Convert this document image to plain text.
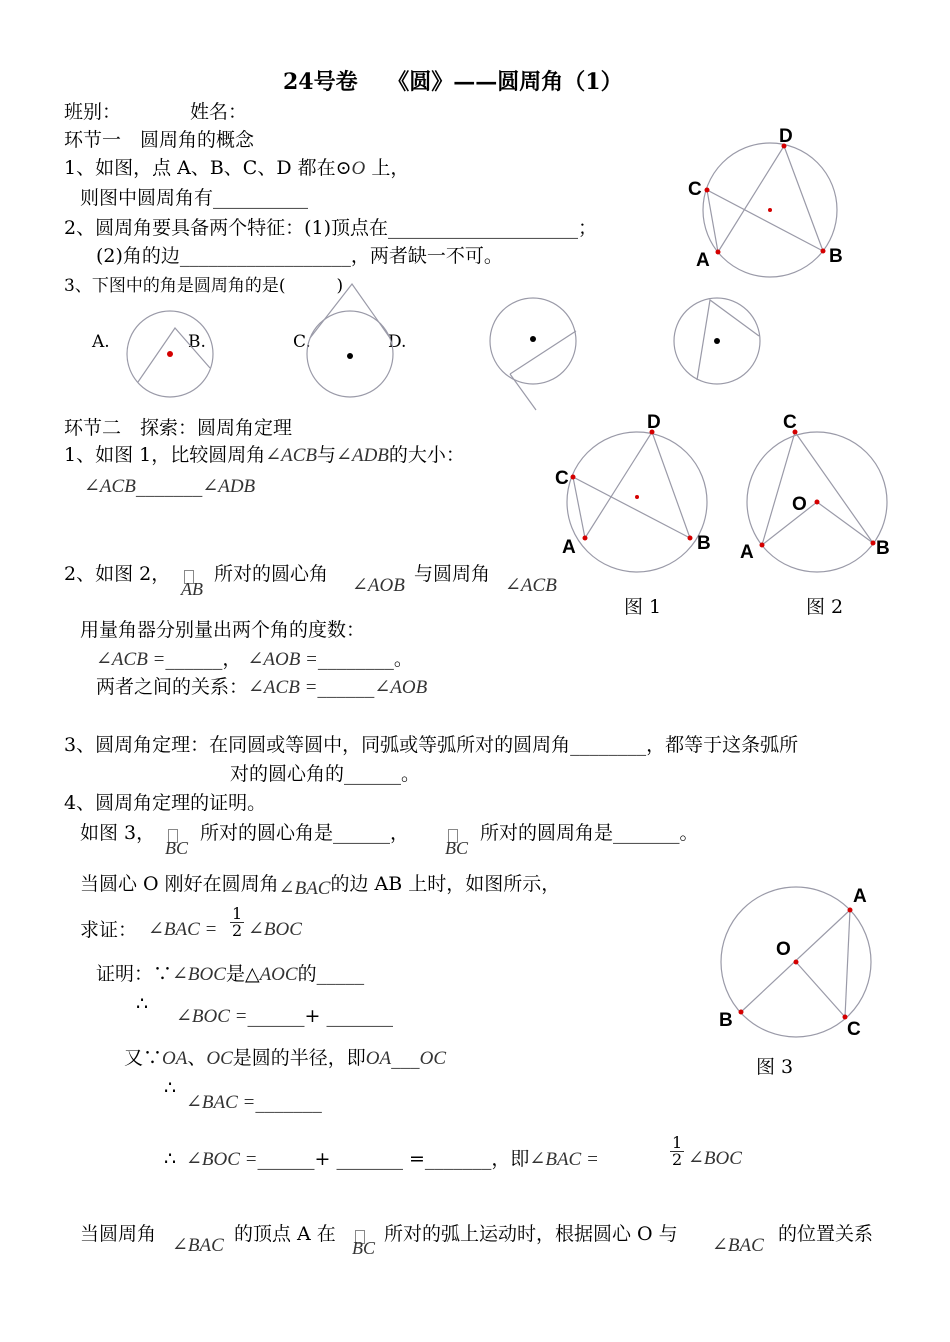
24号卷　 《圆》——圆周角（1）
班别：	姓名：
环节一　圆周角的概念
1、如图，点 A、B、C、D 都在⊙O 上，
则图中圆周角有__________
2、圆周角要具备两个特征：(1)顶点在____________________；
(2)角的边__________________，两者缺一不可。
3、下图中的角是圆周角的是(　　　)
A.	B.	C.	D.
环节二　探索：圆周角定理
1、如图 1，比较圆周角∠ACB与∠ADB的大小：
∠ACB_______∠ADB
2、如图 2，
AB
所对的圆心角
∠AOB
与圆周角
∠ACB
用量角器分别量出两个角的度数：
∠ACB =______， ∠AOB =________。
两者之间的关系：∠ACB =______∠AOB
3、圆周角定理：在同圆或等圆中，同弧或等弧所对的圆周角________，都等于这条弧所
对的圆心角的______。
4、圆周角定理的证明。
如图 3，
BC
所对的圆心角是______，
BC
所对的圆周角是_______。
当圆心 O 刚好在圆周角∠BAC的边 AB 上时，如图所示，
求证： ∠BAC = $\frac{1}{2}$ ∠BOC
证明：∵∠BOC是△AOC的_____
∴
∠BOC =______+ _______
又∵OA、OC是圆的半径，即OA___OC
∴
∠BAC =_______
∴ ∠BOC =______+ _______ =_______，即∠BAC =	$\frac{1}{2}$ ∠BOC
当圆周角
∠BAC
的顶点 A 在
BC
所对的弧上运动时，根据圆心 O 与
∠BAC
的位置关系
D
C
A	B
D
C
A	B
C
O
A	B
A
O
B	C
图 1	图 2
图 3
